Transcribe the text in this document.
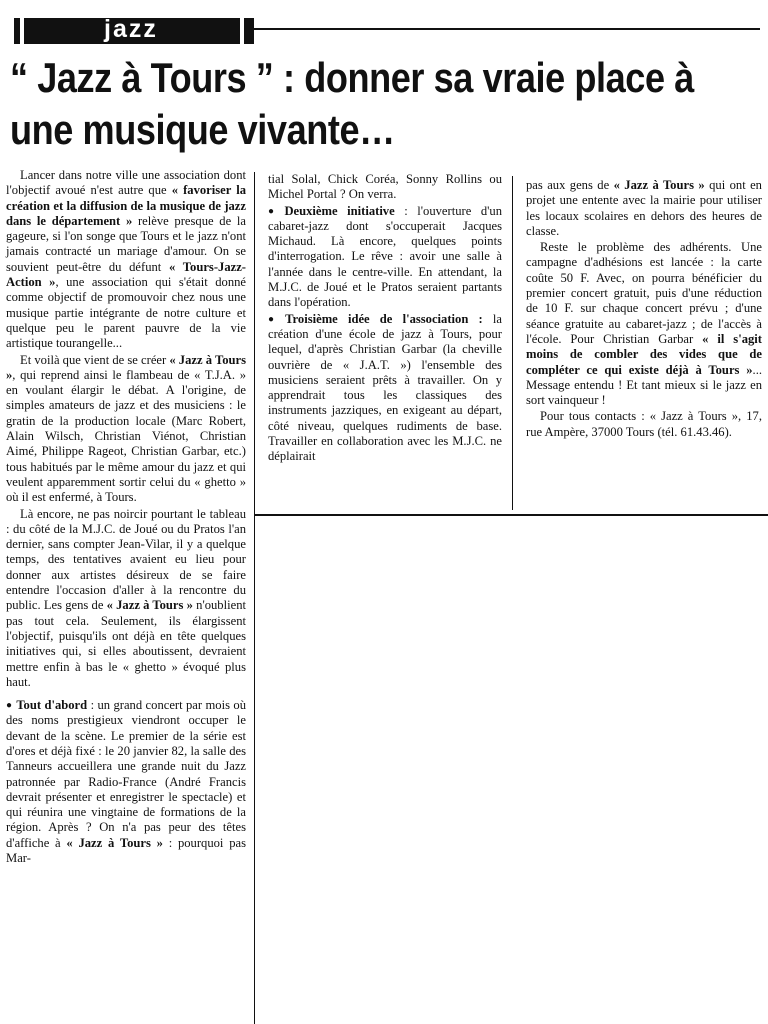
jazz
“ Jazz à Tours ” : donner sa vraie place à une musique vivante…

Lancer dans notre ville une association dont l'objectif avoué n'est autre que « favoriser la création et la diffusion de la musique de jazz dans le département » relève presque de la gageure, si l'on songe que Tours et le jazz n'ont jamais contracté un mariage d'amour. On se souvient peut-être du défunt « Tours-Jazz-Action », une association qui s'était donné comme objectif de promouvoir chez nous une musique partie intégrante de notre culture et quelque peu le parent pauvre de la vie artistique tourangelle...

Et voilà que vient de se créer « Jazz à Tours », qui reprend ainsi le flambeau de « T.J.A. » en voulant élargir le débat. A l'origine, de simples amateurs de jazz et des musiciens : le gratin de la production locale (Marc Robert, Alain Wilsch, Christian Viénot, Christian Aimé, Philippe Rageot, Christian Garbar, etc.) tous habitués par le même amour du jazz et qui veulent apparemment sortir celui du « ghetto » où il est enfermé, à Tours.

Là encore, ne pas noircir pourtant le tableau : du côté de la M.J.C. de Joué ou du Pratos l'an dernier, sans compter Jean-Vilar, il y a quelque temps, des tentatives avaient eu lieu pour donner aux artistes désireux de se faire entendre l'occasion d'aller à la rencontre du public. Les gens de « Jazz à Tours » n'oublient pas tout cela. Seulement, ils élargissent l'objectif, puisqu'ils ont déjà en tête quelques initiatives qui, si elles aboutissent, devraient mettre enfin à bas le « ghetto » évoqué plus haut.

● Tout d'abord : un grand concert par mois où des noms prestigieux viendront occuper le devant de la scène. Le premier de la série est d'ores et déjà fixé : le 20 janvier 82, la salle des Tanneurs accueillera une grande nuit du Jazz patronnée par Radio-France (André Francis devrait présenter et enregistrer le spectacle) et qui réunira une vingtaine de formations de la région. Après ? On n'a pas peur des têtes d'affiche à « Jazz à Tours » : pourquoi pas Mar-

tial Solal, Chick Coréa, Sonny Rollins ou Michel Portal ? On verra.

● Deuxième initiative : l'ouverture d'un cabaret-jazz dont s'occuperait Jacques Michaud. Là encore, quelques points d'interrogation. Le rêve : avoir une salle à l'année dans le centre-ville. En attendant, la M.J.C. de Joué et le Pratos seraient partants dans l'opération.

● Troisième idée de l'association : la création d'une école de jazz à Tours, pour lequel, d'après Christian Garbar (la cheville ouvrière de « J.A.T. ») l'ensemble des musiciens seraient prêts à travailler. On y apprendrait tous les classiques des instruments jazziques, en exigeant au départ, côté niveau, quelques rudiments de base. Travailler en collaboration avec les M.J.C. ne déplairait

pas aux gens de « Jazz à Tours » qui ont en projet une entente avec la mairie pour utiliser les locaux scolaires en dehors des heures de classe.

Reste le problème des adhérents. Une campagne d'adhésions est lancée : la carte coûte 50 F. Avec, on pourra bénéficier du premier concert gratuit, puis d'une réduction de 10 F. sur chaque concert prévu ; d'une séance gratuite au cabaret-jazz ; de l'accès à l'école. Pour Christian Garbar « il s'agit moins de combler des vides que de compléter ce qui existe déjà à Tours »... Message entendu ! Et tant mieux si le jazz en sort vainqueur !

Pour tous contacts : « Jazz à Tours », 17, rue Ampère, 37000 Tours (tél. 61.43.46).
